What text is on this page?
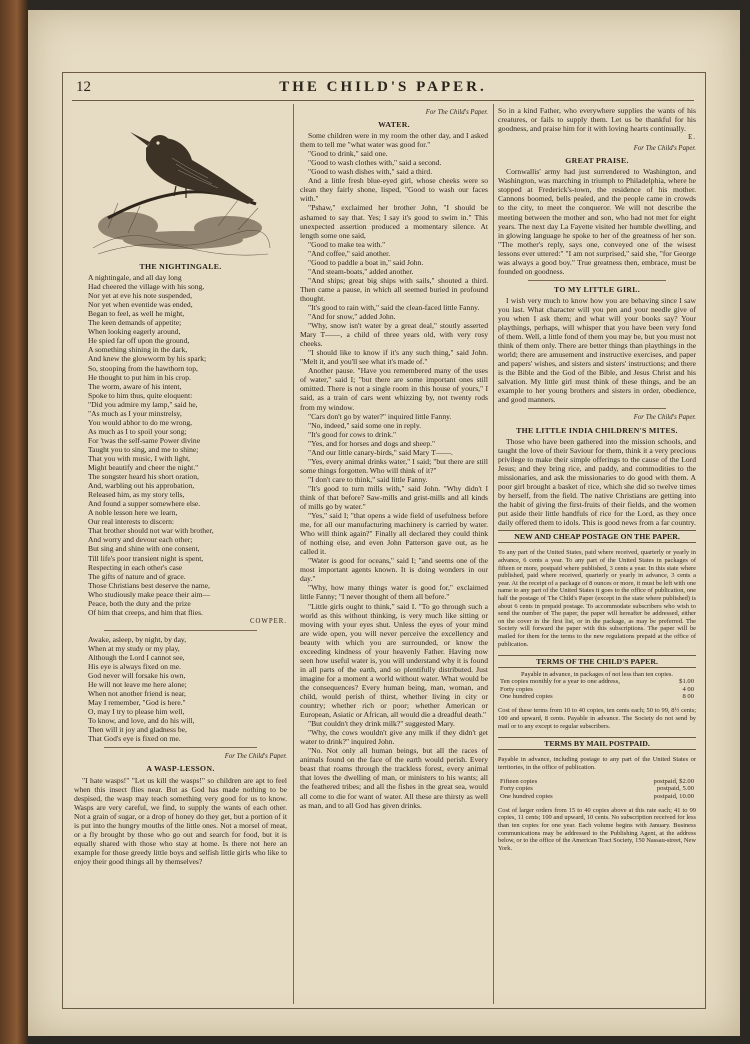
12	THE CHILD'S PAPER.
THE NIGHTINGALE.
A nightingale, and all day long
Had cheered the village with his song,
Nor yet at eve his note suspended,
Nor yet when eventide was ended,
Began to feel, as well he might,
The keen demands of appetite;
When looking eagerly around,
He spied far off upon the ground,
A something shining in the dark,
And knew the glowworm by his spark;
So, stooping from the hawthorn top,
He thought to put him in his crop.
The worm, aware of his intent,
Spoke to him thus, quite eloquent:
"Did you admire my lamp," said he,
"As much as I your minstrelsy,
You would abhor to do me wrong,
As much as I to spoil your song;
For 'twas the self-same Power divine
Taught you to sing, and me to shine;
That you with music, I with light,
Might beautify and cheer the night."
The songster heard his short oration,
And, warbling out his approbation,
Released him, as my story tells,
And found a supper somewhere else.
A noble lesson here we learn,
Our real interests to discern:
That brother should not war with brother,
And worry and devour each other;
But sing and shine with one consent,
Till life's poor transient night is spent,
Respecting in each other's case
The gifts of nature and of grace.
Those Christians best deserve the name,
Who studiously make peace their aim—
Peace, both the duty and the prize
Of him that creeps, and him that flies.
COWPER.
Awake, asleep, by night, by day,
When at my study or my play,
Although the Lord I cannot see,
His eye is always fixed on me.
God never will forsake his own,
He will not leave me here alone;
When not another friend is near,
May I remember, "God is here."
O, may I try to please him well,
To know, and love, and do his will,
Then will it joy and gladness be,
That God's eye is fixed on me.
For The Child's Paper.
A WASP-LESSON.

"I hate wasps!" "Let us kill the wasps!" so children are apt to feel when this insect flies near. But as God has made nothing to be despised, the wasp may teach something very good for us to know. Wasps are very careful, we find, to supply the wants of each other. Not a grain of sugar, or a drop of honey do they get, but a portion of it is put into the hungry mouths of the little ones. Not a morsel of meat, or a fly brought by those who go out and search for food, but it is equally shared with those who stay at home. Is there not here an example for those greedy little boys and selfish little girls who like to enjoy their good things all by themselves?

For The Child's Paper.
WATER.

Some children were in my room the other day, and I asked them to tell me "what water was good for."

"Good to drink," said one.

"Good to wash clothes with," said a second.

"Good to wash dishes with," said a third.

And a little fresh blue-eyed girl, whose cheeks were so clean they fairly shone, lisped, "Good to wash our faces with."

"Pshaw," exclaimed her brother John, "I should be ashamed to say that. Yes; I say it's good to swim in." This unexpected assertion produced a momentary silence. At length some one said,

"Good to make tea with."

"And coffee," said another.

"Good to paddle a boat in," said John.

"And steam-boats," added another.

"And ships; great big ships with sails," shouted a third. Then came a pause, in which all seemed buried in profound thought.

"It's good to rain with," said the clean-faced little Fanny.

"And for snow," added John.

"Why, snow isn't water by a great deal," stoutly asserted Mary T——, a child of three years old, with very rosy cheeks.

"I should like to know if it's any such thing," said John. "Melt it, and you'll see what it's made of."

Another pause. "Have you remembered many of the uses of water," said I; "but there are some important ones still omitted. There is not a single room in this house of yours," I said, as a train of cars went whizzing by, not twenty rods from my window.

"Cars don't go by water?" inquired little Fanny.

"No, indeed," said some one in reply.

"It's good for cows to drink."

"Yes, and for horses and dogs and sheep."

"And our little canary-birds," said Mary T——.

"Yes, every animal drinks water," I said; "but there are still some things forgotten. Who will think of it?"

"I don't care to think," said little Fanny.

"It's good to turn mills with," said John. "Why didn't I think of that before? Saw-mills and grist-mills and all kinds of mills go by water."

"Yes," said I; "that opens a wide field of usefulness before me, for all our manufacturing machinery is carried by water. Who will think again?" Finally all declared they could think of nothing else, and even John Patterson gave out, as he called it.

"Water is good for oceans," said I; "and seems one of the most important agents known. It is doing wonders in our day."

"Why, how many things water is good for," exclaimed little Fanny; "I never thought of them all before."

"Little girls ought to think," said I. "To go through such a world as this without thinking, is very much like sitting or moving with your eyes shut. Unless the eyes of your mind are wide open, you will never perceive the excellency and beauty with which you are surrounded, or know the exceeding kindness of your heavenly Father. Having now seen how useful water is, you will understand why it is found in all parts of the earth, and so plentifully distributed. Just imagine for a moment a world without water. What would be the consequences? Every human being, man, woman, and child, would perish of thirst, whether living in city or country; whether rich or poor; whether American or European, Asiatic or African, all would die a dreadful death."

"But couldn't they drink milk?" suggested Mary.

"Why, the cows wouldn't give any milk if they didn't get water to drink?" inquired John.

"No. Not only all human beings, but all the races of animals found on the face of the earth would perish. Every beast that roams through the trackless forest, every animal that loves the dwelling of man, or ministers to his wants; all the feathered tribes; and all the fishes in the great sea, would all come to die for want of water. All these are thirsty as well as man, and to all God has given drinks.

So in a kind Father, who everywhere supplies the wants of his creatures, or fails to supply them. Let us be thankful for his goodness, and praise him for it with loving hearts continually.

E.
For The Child's Paper.
GREAT PRAISE.

Cornwallis' army had just surrendered to Washington, and Washington, was marching in triumph to Philadelphia, where he stopped at Frederick's-town, the residence of his mother. Cannons boomed, bells pealed, and the people came in crowds to the city, to meet the conqueror. We will not describe the meeting between the mother and son, who had not met for eight years. The next day La Fayette visited her humble dwelling, and in glowing language he spoke to her of the greatness of her son. "The mother's reply, says one, conveyed one of the wisest lessons ever uttered:" "I am not surprised," said she, "for George was always a good boy." True greatness then, embrace, must be founded on goodness.

TO MY LITTLE GIRL.

I wish very much to know how you are behaving since I saw you last. What character will you pen and your needle give of you when I ask them; and what will your books say? Your playthings, perhaps, will whisper that you have been very fond of them. Well, a little fond of them you may be, but you must not think of them only. There are better things than playthings in the world; there are amusement and instructive exercises, and paper and papers' wishes, and sisters and sisters' instructions; and there is the Bible and the God of the Bible, and Jesus Christ and his salvation. My little girl must think of these things, and be an example to her young brothers and sisters in order, obedience, and good manners.

For The Child's Paper.
THE LITTLE INDIA CHILDREN'S MITES.

Those who have been gathered into the mission schools, and taught the love of their Saviour for them, think it a very precious privilege to make their simple offerings to the cause of the Lord Jesus; and they bring rice, and paddy, and commodities to the missionaries, and ask the missionaries to do good with them. A poor girl brought a basket of rice, which she did so twelve times by herself, from the field. The native Christians are getting into the habit of giving the first-fruits of their fields, and the women put aside their little handfuls of rice for the Lord, as they once daily offered them to idols. This is good news from a far country.

NEW AND CHEAP POSTAGE ON THE PAPER.

To any part of the United States, paid where received, quarterly or yearly in advance, 6 cents a year. To any part of the United States in packages of fifteen or more, postpaid where published, 3 cents a year. In this state where published, paid where received, quarterly or yearly in advance, 3 cents a year. At the receipt of a package of 8 ounces or more, it must be left with one name to any part of the United States it goes to the office of publication, one half the postage of The Child's Paper (except in the state where published) is about 6 cents in prepaid postage. To accommodate subscribers who wish to send the number of The paper, the paper will hereafter be addressed, either on the cover in the first list, or in the package, as may be preferred. The Society will forward the paper with this subscriptions. The paper will be mailed for them for the terms to the new regulations prepaid at the office of publication.

TERMS OF THE CHILD'S PAPER.

Payable in advance, in packages of not less than ten copies.

Ten copies monthly for a year to one address,	$1.00
Forty copies	4 00
One hundred copies	8 00

Cost of these terms from 10 to 40 copies, ten cents each; 50 to 99, 8½ cents; 100 and upward, 8 cents. Payable in advance. The Society do not send by mail or to any except to regular subscribers.

TERMS BY MAIL POSTPAID.

Payable in advance, including postage to any part of the United States or territories, in the office of publication.

Fifteen copies	postpaid, $2.00
Forty copies	postpaid, 5.00
One hundred copies	postpaid, 10.00

Cost of larger orders from 15 to 40 copies above at this rate each; 41 to 99 copies, 11 cents; 100 and upward, 10 cents. No subscription received for less than ten copies for one year. Each volume begins with January. Business communications may be addressed to the Publishing Agent, at the address below, or to the office of the American Tract Society, 150 Nassau-street, New York.
